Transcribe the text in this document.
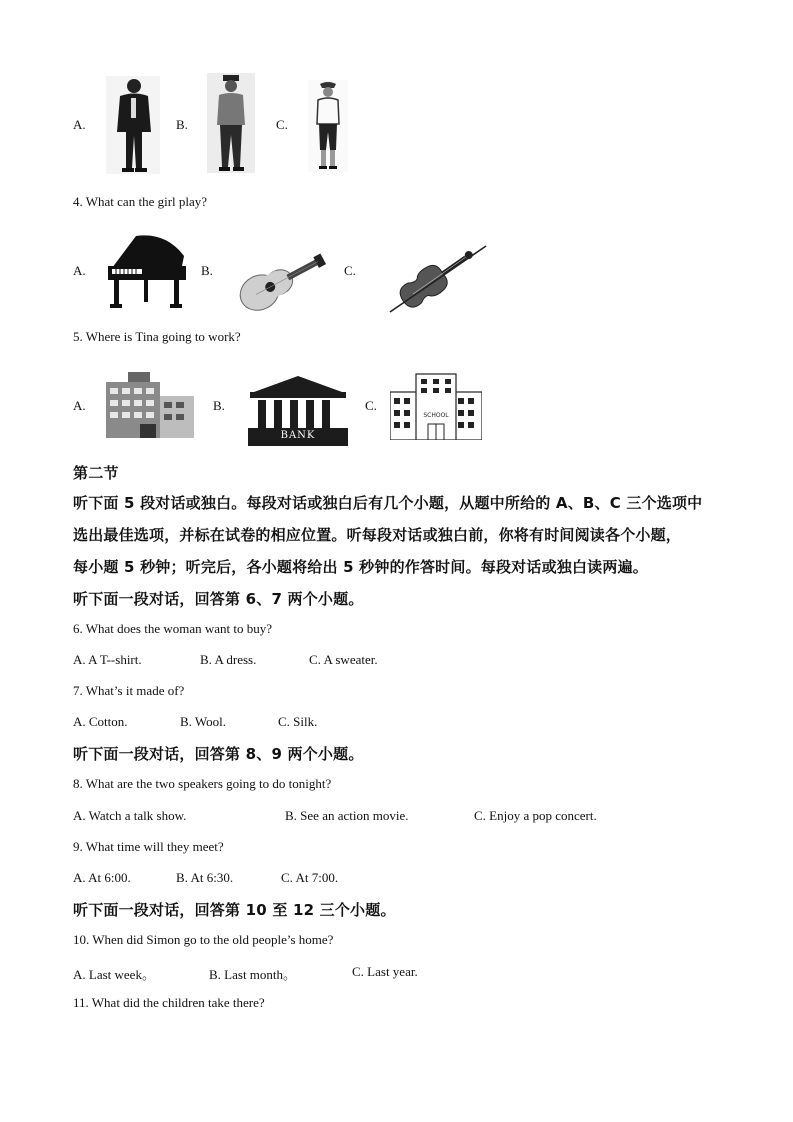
A.	B.	C.
4. What can the girl play?
A.	B.	C.
5. Where is Tina going to work?
A.	B.
BANK
C.
SCHOOL
第二节
听下面 5 段对话或独白。每段对话或独白后有几个小题，从题中所给的 A、B、C 三个选项中
选出最佳选项，并标在试卷的相应位置。听每段对话或独白前，你将有时间阅读各个小题，
每小题 5 秒钟；听完后，各小题将给出 5 秒钟的作答时间。每段对话或独白读两遍。
听下面一段对话，回答第 6、7 两个小题。
6. What does the woman want to buy?
A. A T--shirt.	B. A dress.	C. A sweater.
7. What’s it made of?
A. Cotton.	B. Wool.	C. Silk.
听下面一段对话，回答第 8、9 两个小题。
8. What are the two speakers going to do tonight?
A. Watch a talk show.	B. See an action movie.	C. Enjoy a pop concert.
9. What time will they meet?
A. At 6:00.	B. At 6:30.	C. At 7:00.
听下面一段对话，回答第 10 至 12 三个小题。
10. When did Simon go to the old people’s home?
A. Last week。	B. Last month。	C. Last year.
11. What did the children take there?
